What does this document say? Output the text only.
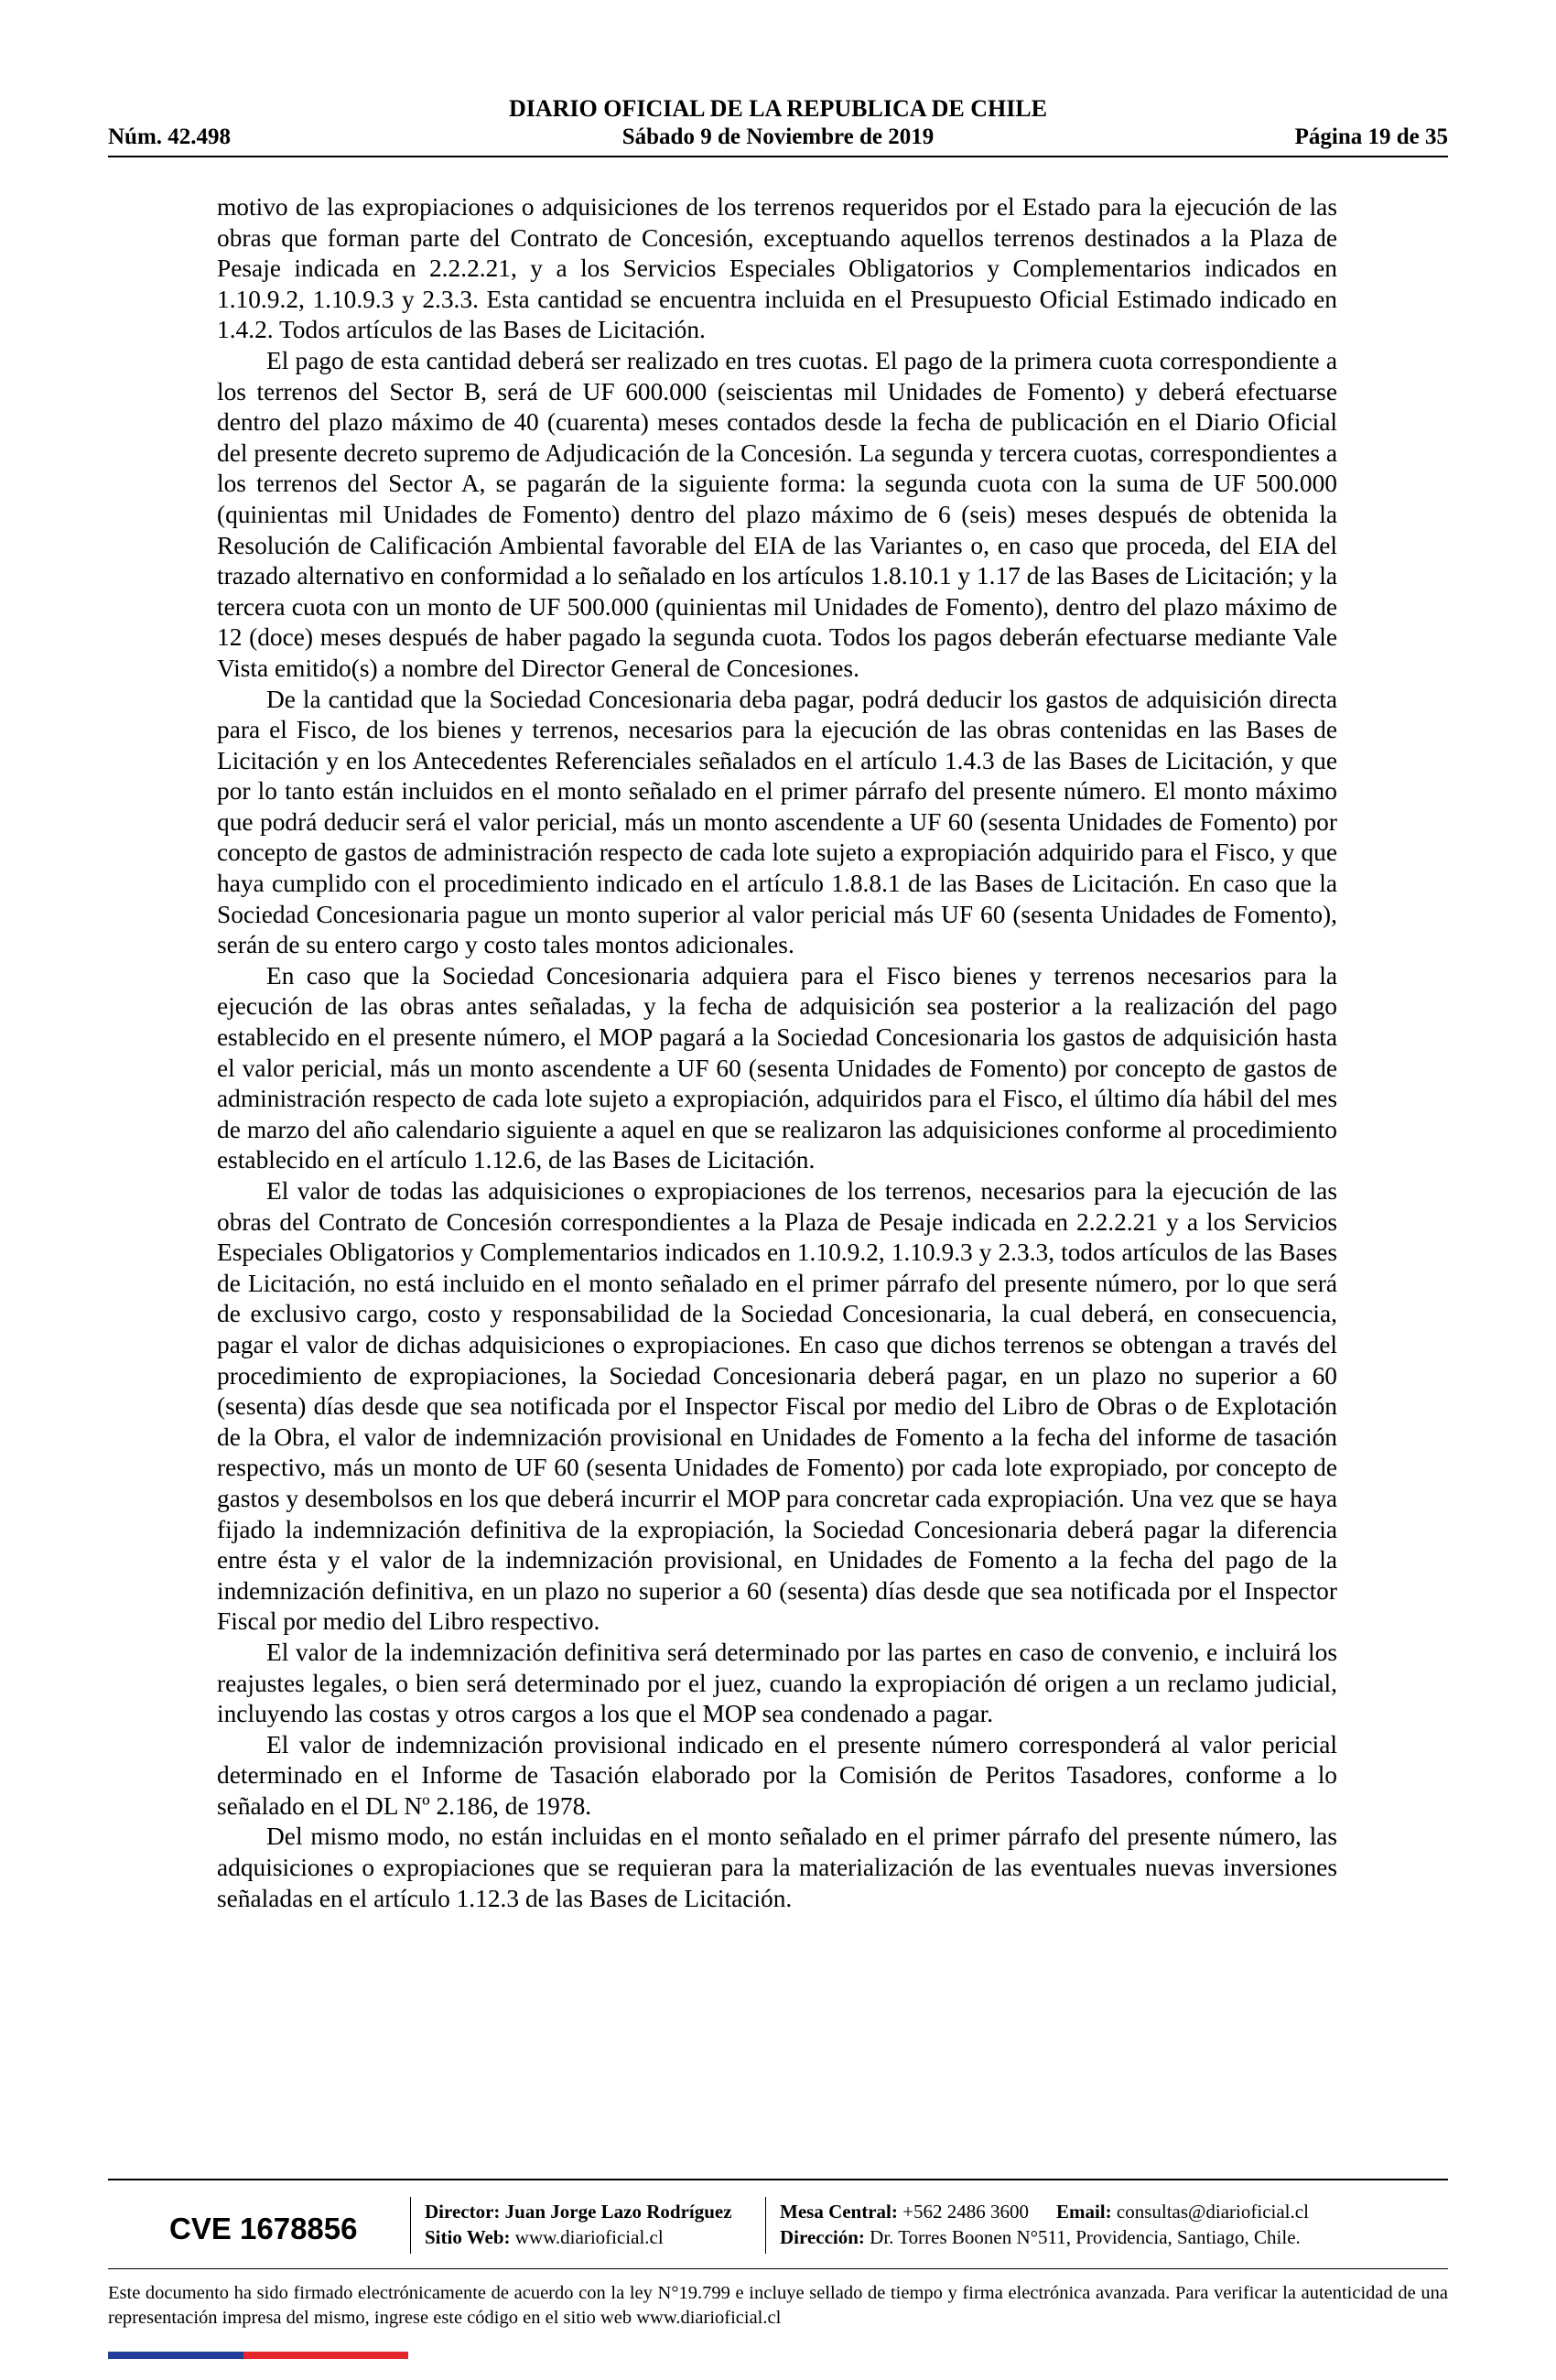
DIARIO OFICIAL DE LA REPUBLICA DE CHILE
Núm. 42.498	Sábado 9 de Noviembre de 2019	Página 19 de 35

motivo de las expropiaciones o adquisiciones de los terrenos requeridos por el Estado para la ejecución de las obras que forman parte del Contrato de Concesión, exceptuando aquellos terrenos destinados a la Plaza de Pesaje indicada en 2.2.2.21, y a los Servicios Especiales Obligatorios y Complementarios indicados en 1.10.9.2, 1.10.9.3 y 2.3.3. Esta cantidad se encuentra incluida en el Presupuesto Oficial Estimado indicado en 1.4.2. Todos artículos de las Bases de Licitación.

El pago de esta cantidad deberá ser realizado en tres cuotas. El pago de la primera cuota correspondiente a los terrenos del Sector B, será de UF 600.000 (seiscientas mil Unidades de Fomento) y deberá efectuarse dentro del plazo máximo de 40 (cuarenta) meses contados desde la fecha de publicación en el Diario Oficial del presente decreto supremo de Adjudicación de la Concesión. La segunda y tercera cuotas, correspondientes a los terrenos del Sector A, se pagarán de la siguiente forma: la segunda cuota con la suma de UF 500.000 (quinientas mil Unidades de Fomento) dentro del plazo máximo de 6 (seis) meses después de obtenida la Resolución de Calificación Ambiental favorable del EIA de las Variantes o, en caso que proceda, del EIA del trazado alternativo en conformidad a lo señalado en los artículos 1.8.10.1 y 1.17 de las Bases de Licitación; y la tercera cuota con un monto de UF 500.000 (quinientas mil Unidades de Fomento), dentro del plazo máximo de 12 (doce) meses después de haber pagado la segunda cuota. Todos los pagos deberán efectuarse mediante Vale Vista emitido(s) a nombre del Director General de Concesiones.

De la cantidad que la Sociedad Concesionaria deba pagar, podrá deducir los gastos de adquisición directa para el Fisco, de los bienes y terrenos, necesarios para la ejecución de las obras contenidas en las Bases de Licitación y en los Antecedentes Referenciales señalados en el artículo 1.4.3 de las Bases de Licitación, y que por lo tanto están incluidos en el monto señalado en el primer párrafo del presente número. El monto máximo que podrá deducir será el valor pericial, más un monto ascendente a UF 60 (sesenta Unidades de Fomento) por concepto de gastos de administración respecto de cada lote sujeto a expropiación adquirido para el Fisco, y que haya cumplido con el procedimiento indicado en el artículo 1.8.8.1 de las Bases de Licitación. En caso que la Sociedad Concesionaria pague un monto superior al valor pericial más UF 60 (sesenta Unidades de Fomento), serán de su entero cargo y costo tales montos adicionales.

En caso que la Sociedad Concesionaria adquiera para el Fisco bienes y terrenos necesarios para la ejecución de las obras antes señaladas, y la fecha de adquisición sea posterior a la realización del pago establecido en el presente número, el MOP pagará a la Sociedad Concesionaria los gastos de adquisición hasta el valor pericial, más un monto ascendente a UF 60 (sesenta Unidades de Fomento) por concepto de gastos de administración respecto de cada lote sujeto a expropiación, adquiridos para el Fisco, el último día hábil del mes de marzo del año calendario siguiente a aquel en que se realizaron las adquisiciones conforme al procedimiento establecido en el artículo 1.12.6, de las Bases de Licitación.

El valor de todas las adquisiciones o expropiaciones de los terrenos, necesarios para la ejecución de las obras del Contrato de Concesión correspondientes a la Plaza de Pesaje indicada en 2.2.2.21 y a los Servicios Especiales Obligatorios y Complementarios indicados en 1.10.9.2, 1.10.9.3 y 2.3.3, todos artículos de las Bases de Licitación, no está incluido en el monto señalado en el primer párrafo del presente número, por lo que será de exclusivo cargo, costo y responsabilidad de la Sociedad Concesionaria, la cual deberá, en consecuencia, pagar el valor de dichas adquisiciones o expropiaciones. En caso que dichos terrenos se obtengan a través del procedimiento de expropiaciones, la Sociedad Concesionaria deberá pagar, en un plazo no superior a 60 (sesenta) días desde que sea notificada por el Inspector Fiscal por medio del Libro de Obras o de Explotación de la Obra, el valor de indemnización provisional en Unidades de Fomento a la fecha del informe de tasación respectivo, más un monto de UF 60 (sesenta Unidades de Fomento) por cada lote expropiado, por concepto de gastos y desembolsos en los que deberá incurrir el MOP para concretar cada expropiación. Una vez que se haya fijado la indemnización definitiva de la expropiación, la Sociedad Concesionaria deberá pagar la diferencia entre ésta y el valor de la indemnización provisional, en Unidades de Fomento a la fecha del pago de la indemnización definitiva, en un plazo no superior a 60 (sesenta) días desde que sea notificada por el Inspector Fiscal por medio del Libro respectivo.

El valor de la indemnización definitiva será determinado por las partes en caso de convenio, e incluirá los reajustes legales, o bien será determinado por el juez, cuando la expropiación dé origen a un reclamo judicial, incluyendo las costas y otros cargos a los que el MOP sea condenado a pagar.

El valor de indemnización provisional indicado en el presente número corresponderá al valor pericial determinado en el Informe de Tasación elaborado por la Comisión de Peritos Tasadores, conforme a lo señalado en el DL Nº 2.186, de 1978.

Del mismo modo, no están incluidas en el monto señalado en el primer párrafo del presente número, las adquisiciones o expropiaciones que se requieran para la materialización de las eventuales nuevas inversiones señaladas en el artículo 1.12.3 de las Bases de Licitación.

CVE 1678856	Director: Juan Jorge Lazo Rodríguez
Sitio Web: www.diarioficial.cl
Mesa Central: +562 2486 3600 Email: consultas@diarioficial.cl
Dirección: Dr. Torres Boonen N°511, Providencia, Santiago, Chile.
Este documento ha sido firmado electrónicamente de acuerdo con la ley N°19.799 e incluye sellado de tiempo y firma electrónica avanzada. Para verificar la autenticidad de una representación impresa del mismo, ingrese este código en el sitio web www.diarioficial.cl
